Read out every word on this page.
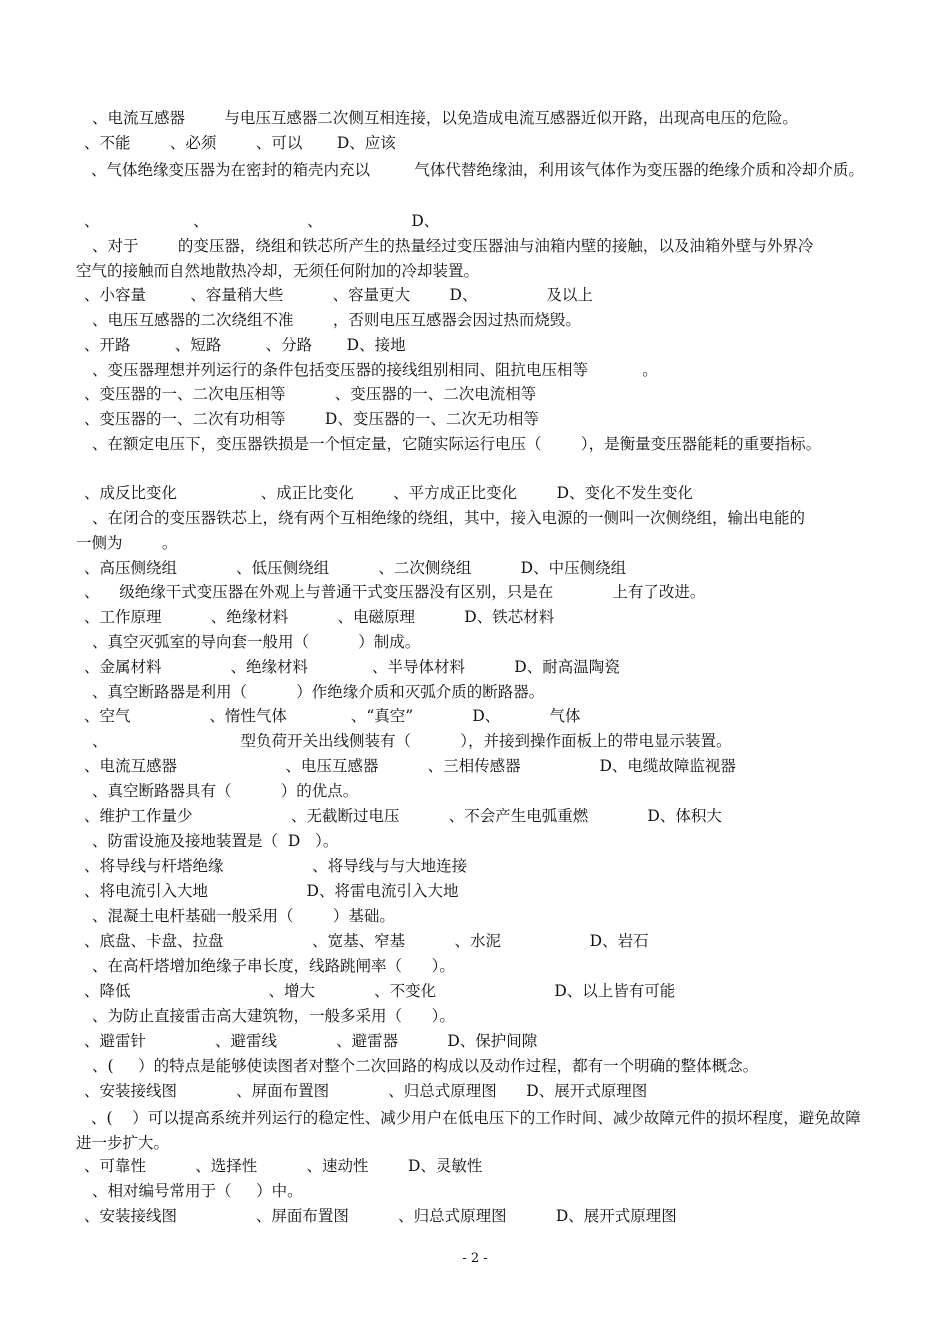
、电流互感器        与电压互感器二次侧互相连接，以免造成电流互感器近似开路，出现高电压的危险。
、不能        、必须        、可以       D、应该
、对于        的变压器，绕组和铁芯所产生的热量经过变压器油与油箱内壁的接触，以及油箱外壁与外界冷
空气的接触而自然地散热冷却，无须任何附加的冷却装置。
、小容量         、容量稍大些          、容量更大        D、              及以上
、电压互感器的二次绕组不准        ，否则电压互感器会因过热而烧毁。
、开路         、短路         、分路       D、接地
、变压器理想并列运行的条件包括变压器的接线组别相同、阻抗电压相等           。
、变压器的一、二次电压相等          、变压器的一、二次电流相等
、变压器的一、二次有功相等        D、变压器的一、二次无功相等
、在额定电压下，变压器铁损是一个恒定量，它随实际运行电压（        ），是衡量变压器能耗的重要指标。
、成反比变化                 、成正比变化        、平方成正比变化        D、变化不发生变化
、在闭合的变压器铁芯上，绕有两个互相绝缘的绕组，其中，接入电源的一侧叫一次侧绕组，输出电能的
一侧为        。
、高压侧绕组            、低压侧绕组          、二次侧绕组          D、中压侧绕组
、    级绝缘干式变压器在外观上与普通干式变压器没有区别，只是在            上有了改进。
、工作原理          、绝缘材料          、电磁原理          D、铁芯材料
、真空灭弧室的导向套一般用（          ）制成。
、金属材料              、绝缘材料             、半导体材料          D、耐高温陶瓷
、真空断路器是利用（          ）作绝缘介质和灭弧介质的断路器。
、空气                、惰性气体             、“真空”            D、          气体
、                           型负荷开关出线侧装有（          ），并接到操作面板上的带电显示装置。
、电流互感器                      、电压互感器          、三相传感器                D、电缆故障监视器
、真空断路器具有（          ）的优点。
、维护工作量少                    、无截断过电压          、不会产生电弧重燃            D、体积大
、防雷设施及接地装置是（  D   ）。
、将导线与杆塔绝缘                  、将导线与与大地连接
、将电流引入大地                    D、将雷电流引入大地
、混凝土电杆基础一般采用（        ）基础。
、底盘、卡盘、拉盘                  、宽基、窄基          、水泥                  D、岩石
、在高杆塔增加绝缘子串长度，线路跳闸率（      ）。
、降低                            、增大            、不变化                        D、以上皆有可能
、为防止直接雷击高大建筑物，一般多采用（      ）。
、避雷针              、避雷线            、避雷器          D、保护间隙
、(     ）的特点是能够使读图者对整个二次回路的构成以及动作过程，都有一个明确的整体概念。
、安装接线图            、屏面布置图            、归总式原理图      D、展开式原理图
、可靠性          、选择性          、速动性        D、灵敏性
、相对编号常用于（     ）中。
、安装接线图                、屏面布置图          、归总式原理图          D、展开式原理图
、气体绝缘变压器为在密封的箱壳内充以         气体代替绝缘油，利用该气体作为变压器的绝缘介质和冷却介质。
、(    ）可以提高系统并列运行的稳定性、减少用户在低电压下的工作时间、减少故障元件的损坏程度，避免故障进一步扩大。
、                   、                    、                  D、
- 2 -
